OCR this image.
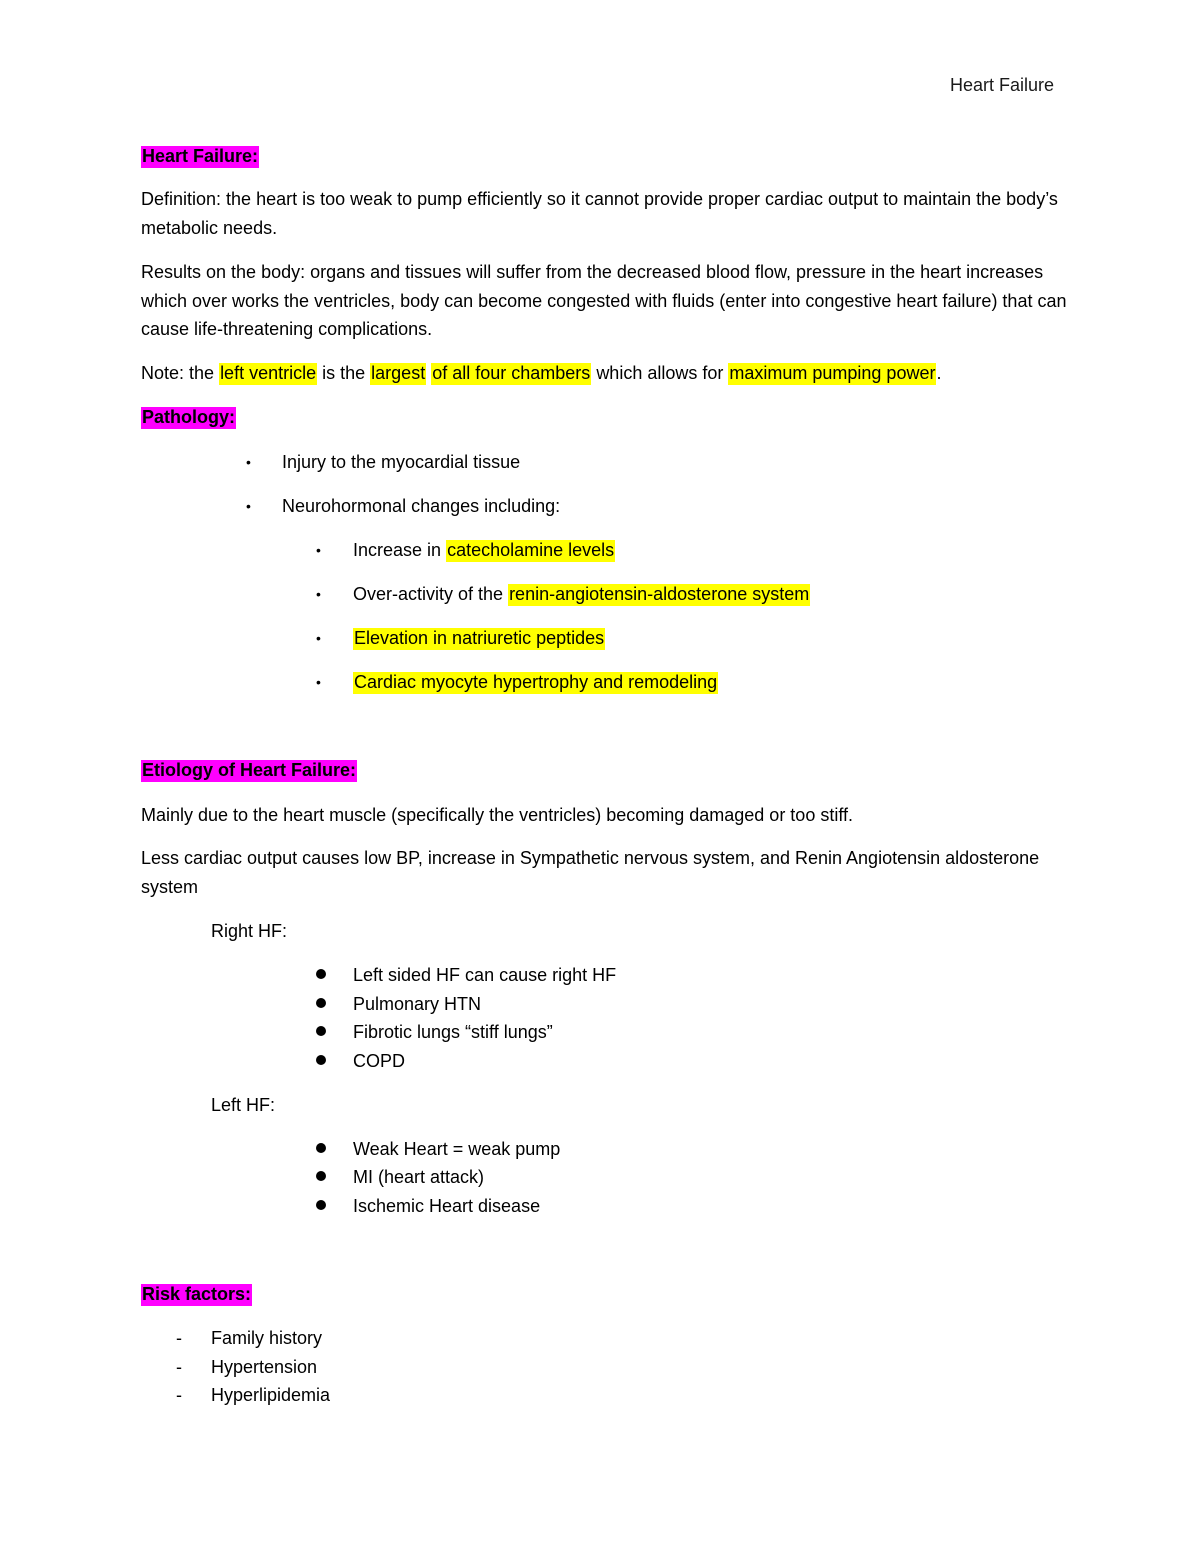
Heart Failure
Heart Failure:
Definition: the heart is too weak to pump efficiently so it cannot provide proper cardiac output to maintain the body’s metabolic needs.
Results on the body: organs and tissues will suffer from the decreased blood flow, pressure in the heart increases which over works the ventricles, body can become congested with fluids (enter into congestive heart failure) that can cause life-threatening complications.
Note: the left ventricle is the largest of all four chambers which allows for maximum pumping power.
Pathology:
• Injury to the myocardial tissue
• Neurohormonal changes including:
• Increase in catecholamine levels
• Over-activity of the renin-angiotensin-aldosterone system
• Elevation in natriuretic peptides
• Cardiac myocyte hypertrophy and remodeling
Etiology of Heart Failure:
Mainly due to the heart muscle (specifically the ventricles) becoming damaged or too stiff.
Less cardiac output causes low BP, increase in Sympathetic nervous system, and Renin Angiotensin aldosterone system
Right HF:
Left sided HF can cause right HF
Pulmonary HTN
Fibrotic lungs “stiff lungs”
COPD
Left HF:
Weak Heart = weak pump
MI (heart attack)
Ischemic Heart disease
Risk factors:
- Family history
- Hypertension
- Hyperlipidemia
